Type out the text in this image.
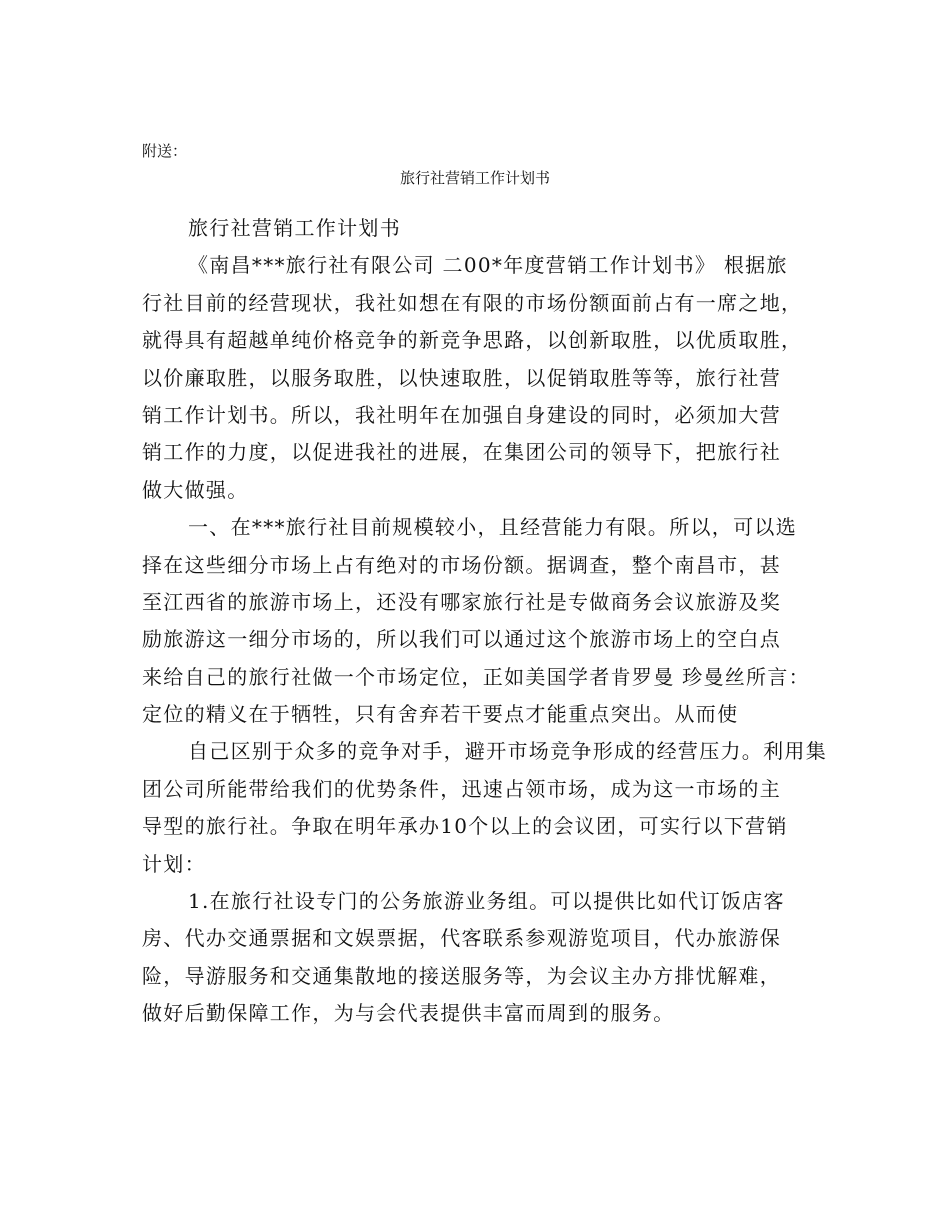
附送：
旅行社营销工作计划书
旅行社营销工作计划书
《南昌***旅行社有限公司 二00*年度营销工作计划书》 根据旅
行社目前的经营现状，我社如想在有限的市场份额面前占有一席之地，
就得具有超越单纯价格竞争的新竞争思路，以创新取胜，以优质取胜，
以价廉取胜，以服务取胜，以快速取胜，以促销取胜等等，旅行社营
销工作计划书。所以，我社明年在加强自身建设的同时，必须加大营
销工作的力度，以促进我社的进展，在集团公司的领导下，把旅行社
做大做强。
一、在***旅行社目前规模较小，且经营能力有限。所以，可以选
择在这些细分市场上占有绝对的市场份额。据调查，整个南昌市，甚
至江西省的旅游市场上，还没有哪家旅行社是专做商务会议旅游及奖
励旅游这一细分市场的，所以我们可以通过这个旅游市场上的空白点
来给自己的旅行社做一个市场定位，正如美国学者肯罗曼 珍曼丝所言：
定位的精义在于牺牲，只有舍弃若干要点才能重点突出。从而使
自己区别于众多的竞争对手，避开市场竞争形成的经营压力。利用集
团公司所能带给我们的优势条件，迅速占领市场，成为这一市场的主
导型的旅行社。争取在明年承办10个以上的会议团，可实行以下营销
计划：
1.在旅行社设专门的公务旅游业务组。可以提供比如代订饭店客
房、代办交通票据和文娱票据，代客联系参观游览项目，代办旅游保
险，导游服务和交通集散地的接送服务等，为会议主办方排忧解难，
做好后勤保障工作，为与会代表提供丰富而周到的服务。
